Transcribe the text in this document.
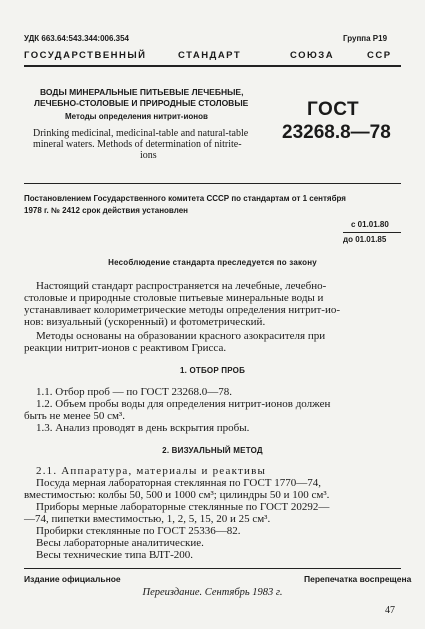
УДК 663.64:543.344:006.354	Группа Р19
ГОСУДАРСТВЕННЫЙ	СТАНДАРТ	СОЮЗА	ССР
ВОДЫ МИНЕРАЛЬНЫЕ ПИТЬЕВЫЕ ЛЕЧЕБНЫЕ,
ЛЕЧЕБНО-СТОЛОВЫЕ И ПРИРОДНЫЕ СТОЛОВЫЕ
Методы определения нитрит-ионов
Drinking medicinal, medicinal-table and natural-table
mineral waters. Methods of determination of nitrite-
ions
ГОСТ
23268.8—78
Постановлением Государственного комитета СССР по стандартам от 1 сентября
1978 г. № 2412 срок действия установлен
с 01.01.80
до 01.01.85
Несоблюдение стандарта преследуется по закону
Настоящий стандарт распространяется на лечебные, лечебно-
столовые и природные столовые питьевые минеральные воды и
устанавливает колориметрические методы определения нитрит-ио-
нов: визуальный (ускоренный) и фотометрический.
Методы основаны на образовании красного азокрасителя при
реакции нитрит-ионов с реактивом Грисса.
1. ОТБОР ПРОБ
1.1. Отбор проб — по ГОСТ 23268.0—78.
1.2. Объем пробы воды для определения нитрит-ионов должен
быть не менее 50 см³.
1.3. Анализ проводят в день вскрытия пробы.
2. ВИЗУАЛЬНЫЙ МЕТОД
2.1. Аппаратура, материалы и реактивы
Посуда мерная лабораторная стеклянная по ГОСТ 1770—74,
вместимостью: колбы 50, 500 и 1000 см³; цилиндры 50 и 100 см³.
Приборы мерные лабораторные стеклянные по ГОСТ 20292—
—74, пипетки вместимостью, 1, 2, 5, 15, 20 и 25 см³.
Пробирки стеклянные по ГОСТ 25336—82.
Весы лабораторные аналитические.
Весы технические типа ВЛТ-200.
Издание официальное	Перепечатка воспрещена
Переиздание. Сентябрь 1983 г.
47
